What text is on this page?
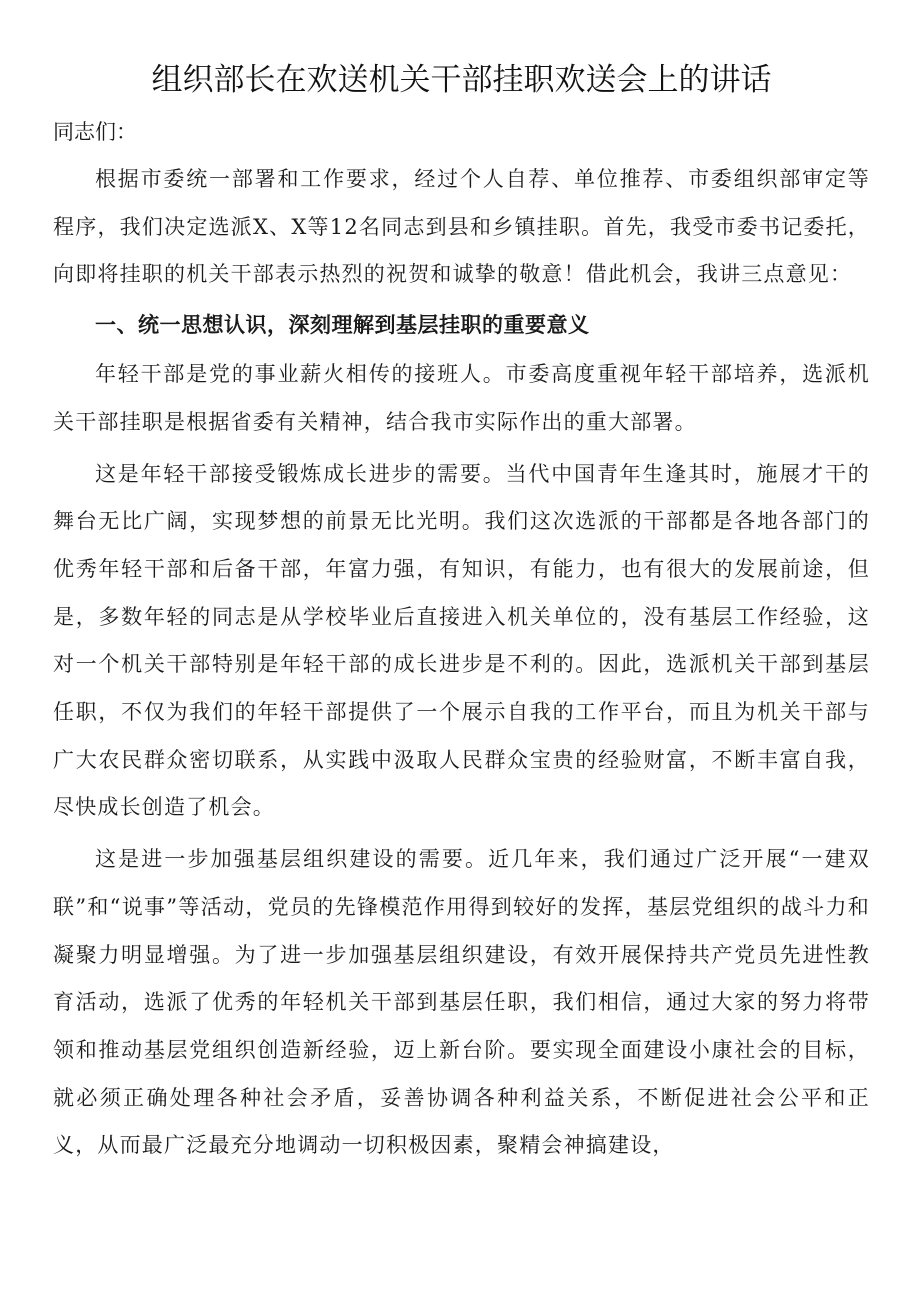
组织部长在欢送机关干部挂职欢送会上的讲话

同志们：

根据市委统一部署和工作要求，经过个人自荐、单位推荐、市委组织部审定等程序，我们决定选派X、X等12名同志到县和乡镇挂职。首先，我受市委书记委托，向即将挂职的机关干部表示热烈的祝贺和诚挚的敬意！借此机会，我讲三点意见：

一、统一思想认识，深刻理解到基层挂职的重要意义

年轻干部是党的事业薪火相传的接班人。市委高度重视年轻干部培养，选派机关干部挂职是根据省委有关精神，结合我市实际作出的重大部署。

这是年轻干部接受锻炼成长进步的需要。当代中国青年生逢其时，施展才干的舞台无比广阔，实现梦想的前景无比光明。我们这次选派的干部都是各地各部门的优秀年轻干部和后备干部，年富力强，有知识，有能力，也有很大的发展前途，但是，多数年轻的同志是从学校毕业后直接进入机关单位的，没有基层工作经验，这对一个机关干部特别是年轻干部的成长进步是不利的。因此，选派机关干部到基层任职，不仅为我们的年轻干部提供了一个展示自我的工作平台，而且为机关干部与广大农民群众密切联系，从实践中汲取人民群众宝贵的经验财富，不断丰富自我，尽快成长创造了机会。

这是进一步加强基层组织建设的需要。近几年来，我们通过广泛开展“一建双联”和“说事”等活动，党员的先锋模范作用得到较好的发挥，基层党组织的战斗力和凝聚力明显增强。为了进一步加强基层组织建设，有效开展保持共产党员先进性教育活动，选派了优秀的年轻机关干部到基层任职，我们相信，通过大家的努力将带领和推动基层党组织创造新经验，迈上新台阶。要实现全面建设小康社会的目标，就必须正确处理各种社会矛盾，妥善协调各种利益关系，不断促进社会公平和正义，从而最广泛最充分地调动一切积极因素，聚精会神搞建设，
